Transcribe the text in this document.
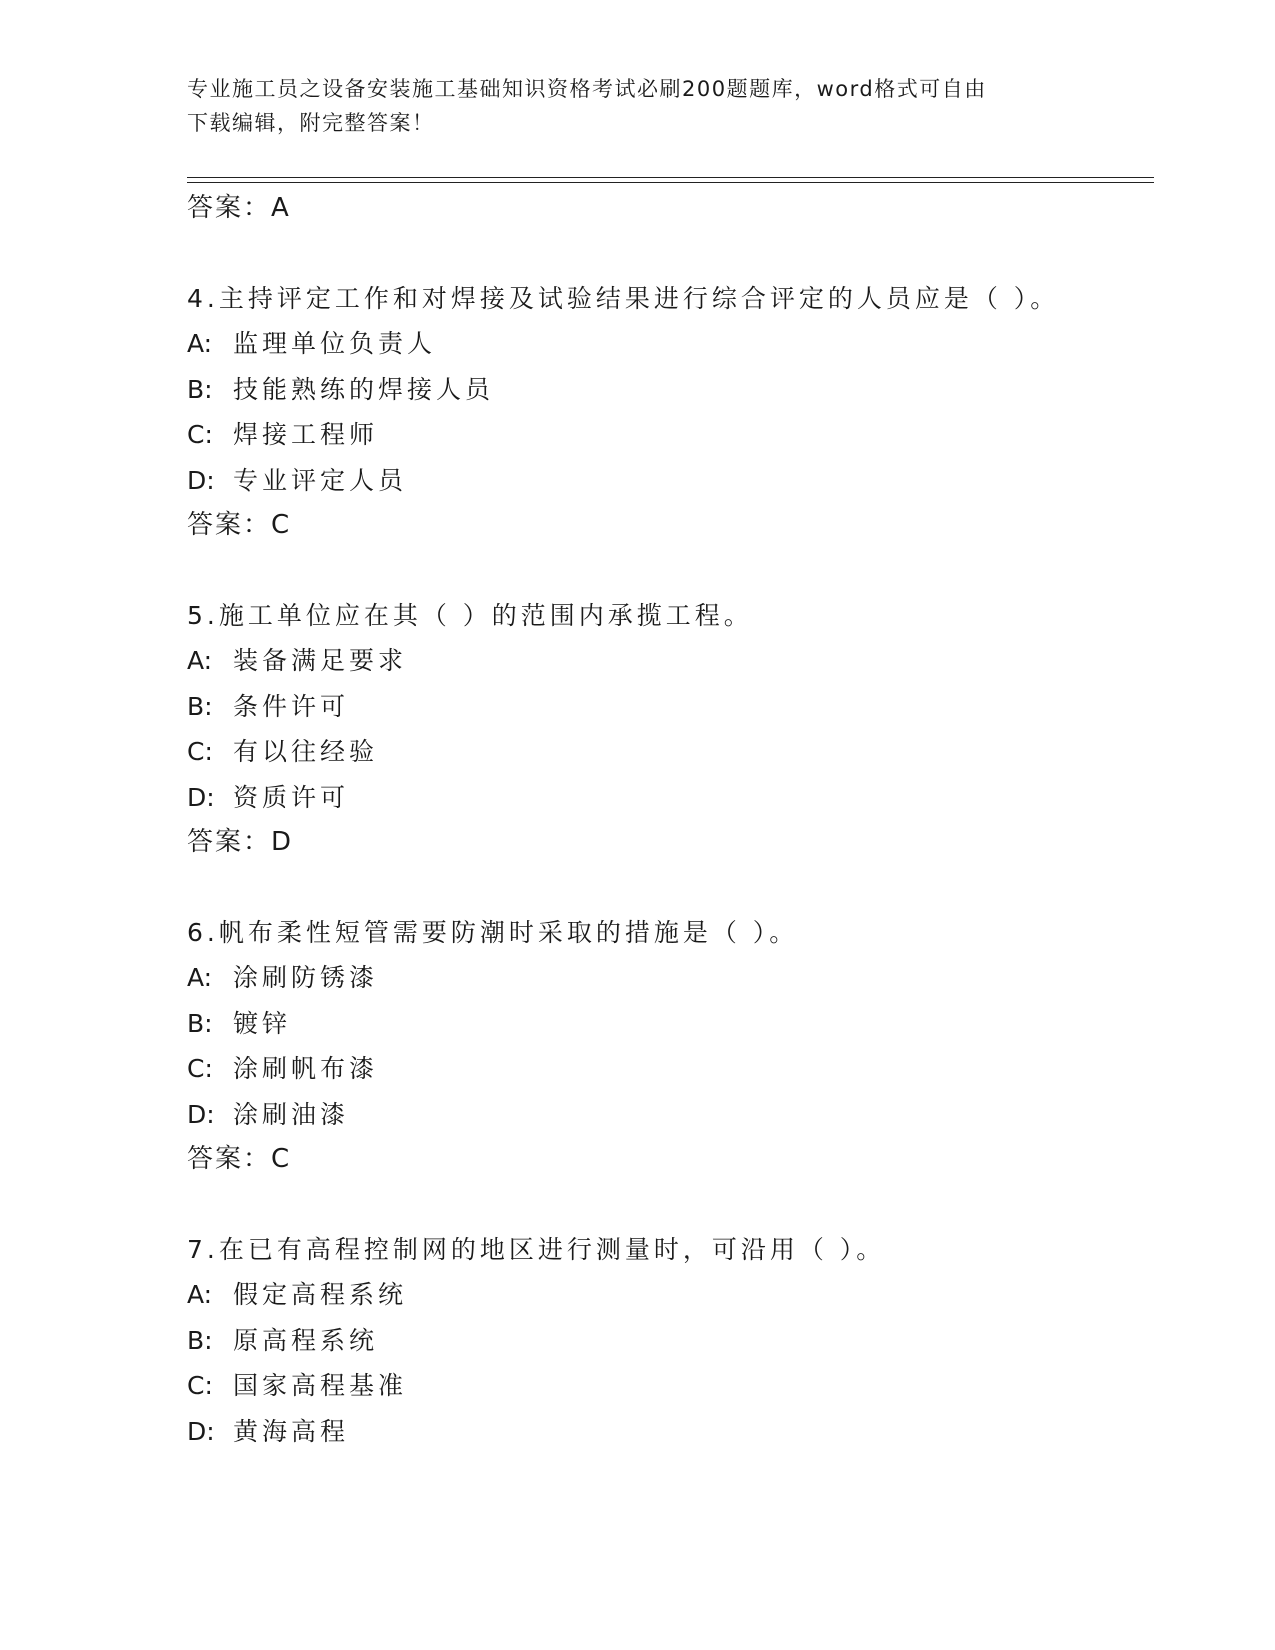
专业施工员之设备安装施工基础知识资格考试必刷200题题库，word格式可自由
下载编辑，附完整答案！
答案：A
4.主持评定工作和对焊接及试验结果进行综合评定的人员应是（ ）。
A: 监理单位负责人
B: 技能熟练的焊接人员
C: 焊接工程师
D: 专业评定人员
答案：C
5.施工单位应在其（ ）的范围内承揽工程。
A: 装备满足要求
B: 条件许可
C: 有以往经验
D: 资质许可
答案：D
6.帆布柔性短管需要防潮时采取的措施是（ ）。
A: 涂刷防锈漆
B: 镀锌
C: 涂刷帆布漆
D: 涂刷油漆
答案：C
7.在已有高程控制网的地区进行测量时，可沿用（ ）。
A: 假定高程系统
B: 原高程系统
C: 国家高程基准
D: 黄海高程
